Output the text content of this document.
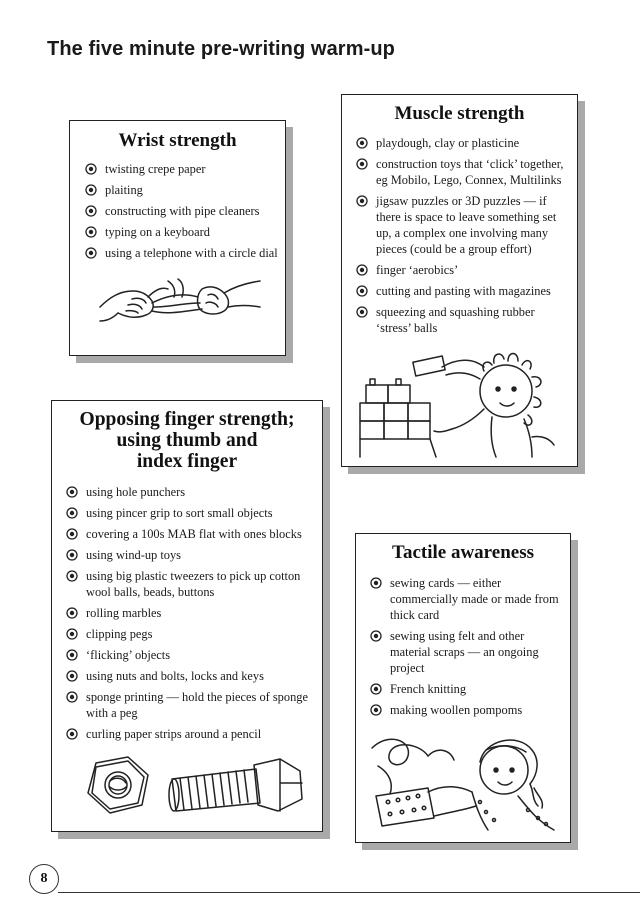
The five minute pre-writing warm-up
Wrist strength
twisting crepe paper
plaiting
constructing with pipe cleaners
typing on a keyboard
using a telephone with a circle dial
Muscle strength
playdough, clay or plasticine
construction toys that ‘click’ together, eg Mobilo, Lego, Connex, Multilinks
jigsaw puzzles or 3D puzzles — if there is space to leave something set up, a complex one involving many pieces (could be a group effort)
finger ‘aerobics’
cutting and pasting with magazines
squeezing and squashing rubber ‘stress’ balls
Opposing finger strength;
using thumb and
index finger
using hole punchers
using pincer grip to sort small objects
covering a 100s MAB flat with ones blocks
using wind-up toys
using big plastic tweezers to pick up cotton wool balls, beads, buttons
rolling marbles
clipping pegs
‘flicking’ objects
using nuts and bolts, locks and keys
sponge printing — hold the pieces of sponge with a peg
curling paper strips around a pencil
Tactile awareness
sewing cards — either commercially made or made from thick card
sewing using felt and other material scraps — an ongoing project
French knitting
making woollen pompoms
8
